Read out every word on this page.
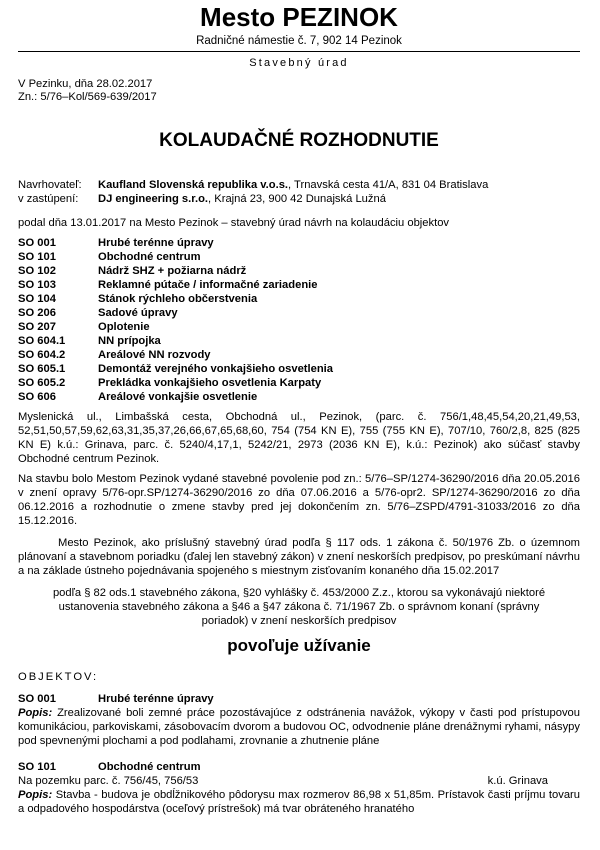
Mesto PEZINOK
Radničné námestie č. 7, 902 14 Pezinok
Stavebný úrad
V Pezinku, dňa 28.02.2017
Zn.: 5/76–Kol/569-639/2017
KOLAUDAČNÉ ROZHODNUTIE
Navrhovateľ:	Kaufland Slovenská republika v.o.s., Trnavská cesta 41/A, 831 04 Bratislava
v zastúpení:	DJ engineering s.r.o., Krajná 23, 900 42 Dunajská Lužná
podal dňa 13.01.2017 na Mesto Pezinok – stavebný úrad návrh na kolaudáciu objektov
SO 001	Hrubé terénne úpravy
SO 101	Obchodné centrum
SO 102	Nádrž SHZ + požiarna nádrž
SO 103	Reklamné pútače / informačné zariadenie
SO 104	Stánok rýchleho občerstvenia
SO 206	Sadové úpravy
SO 207	Oplotenie
SO 604.1	NN prípojka
SO 604.2	Areálové NN rozvody
SO 605.1	Demontáž verejného vonkajšieho osvetlenia
SO 605.2	Prekládka vonkajšieho osvetlenia Karpaty
SO 606	Areálové vonkajšie osvetlenie
Myslenická ul., Limbašská cesta, Obchodná ul., Pezinok, (parc. č. 756/1,48,45,54,20,21,49,53, 52,51,50,57,59,62,63,31,35,37,26,66,67,65,68,60, 754 (754 KN E), 755 (755 KN E), 707/10, 760/2,8, 825 (825 KN E) k.ú.: Grinava, parc. č. 5240/4,17,1, 5242/21, 2973 (2036 KN E), k.ú.: Pezinok) ako súčasť stavby Obchodné centrum Pezinok.
Na stavbu bolo Mestom Pezinok vydané stavebné povolenie pod zn.: 5/76–SP/1274-36290/2016 dňa 20.05.2016 v znení opravy 5/76-opr.SP/1274-36290/2016 zo dňa 07.06.2016 a 5/76-opr2. SP/1274-36290/2016 zo dňa 06.12.2016 a rozhodnutie o zmene stavby pred jej dokončením zn. 5/76–ZSPD/4791-31033/2016 zo dňa 15.12.2016.
Mesto Pezinok, ako príslušný stavebný úrad podľa § 117 ods. 1 zákona č. 50/1976 Zb. o územnom plánovaní a stavebnom poriadku (ďalej len stavebný zákon) v znení neskorších predpisov, po preskúmaní návrhu a na základe ústneho pojednávania spojeného s miestnym zisťovaním konaného dňa 15.02.2017
podľa § 82 ods.1 stavebného zákona, §20 vyhlášky č. 453/2000 Z.z., ktorou sa vykonávajú niektoré ustanovenia stavebného zákona a §46 a §47 zákona č. 71/1967 Zb. o správnom konaní (správny poriadok) v znení neskorších predpisov
povoľuje užívanie
OBJEKTOV:
SO 001	Hrubé terénne úpravy
Popis: Zrealizované boli zemné práce pozostávajúce z odstránenia navážok, výkopy v časti pod prístupovou komunikáciou, parkoviskami, zásobovacím dvorom a budovou OC, odvodnenie pláne drenážnymi ryhami, násypy pod spevnenými plochami a pod podlahami, zrovnanie a zhutnenie pláne
SO 101	Obchodné centrum
Na pozemku parc. č. 756/45, 756/53	k.ú. Grinava
Popis: Stavba - budova je obdĺžnikového pôdorysu max rozmerov 86,98 x 51,85m. Prístavok časti príjmu tovaru a odpadového hospodárstva (oceľový prístrešok) má tvar obráteného hranatého
